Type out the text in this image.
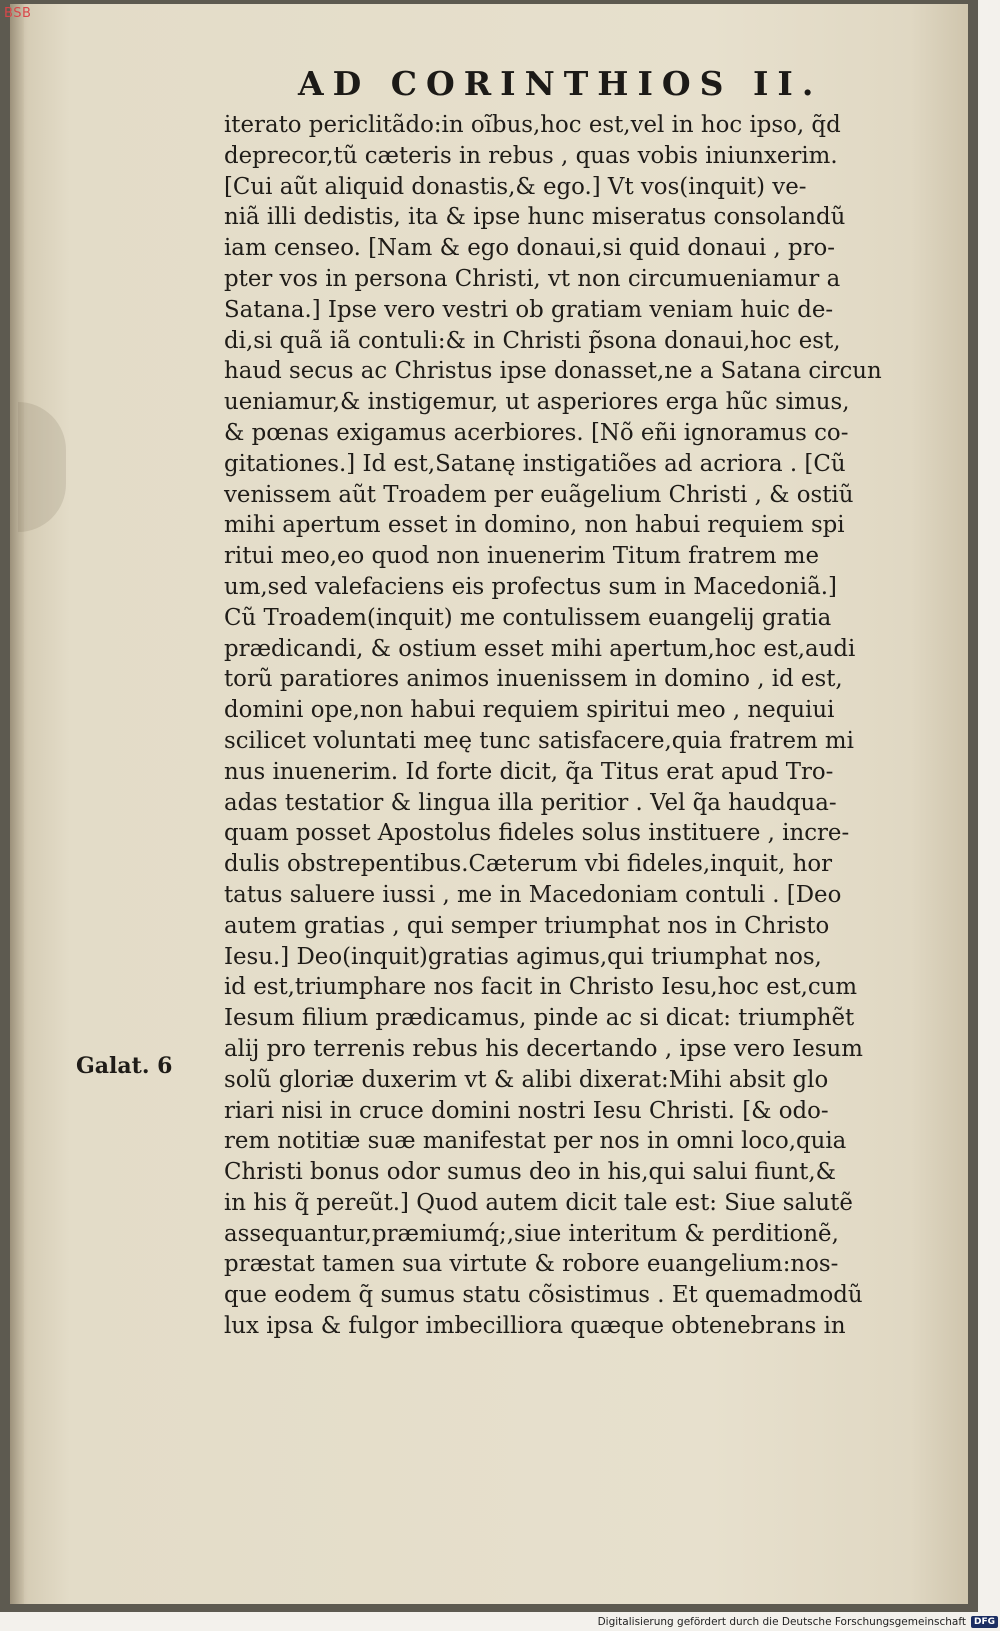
BSB
AD CORINTHIOS II.
iterato periclitãdo:in oĩbus,hoc est,vel in hoc ipso, q̃d
deprecor,tũ cæteris in rebus , quas vobis iniunxerim.
[Cui aũt aliquid donastis,& ego.] Vt vos(inquit) ve-
niã illi dedistis, ita & ipse hunc miseratus consolandũ
iam censeo. [Nam & ego donaui,si quid donaui , pro-
pter vos in persona Christi, vt non circumueniamur a
Satana.] Ipse vero vestri ob gratiam veniam huic de-
di,si quã iã contuli:& in Christi p̃sona donaui,hoc est,
haud secus ac Christus ipse donasset,ne a Satana circun
ueniamur,& instigemur, ut asperiores erga hũc simus,
& pœnas exigamus acerbiores. [Nõ eñi ignoramus co-
gitationes.] Id est,Satanę instigatiões ad acriora . [Cũ
venissem aũt Troadem per euãgelium Christi , & ostiũ
mihi apertum esset in domino, non habui requiem spi
ritui meo,eo quod non inuenerim Titum fratrem me
um,sed valefaciens eis profectus sum in Macedoniã.]
Cũ Troadem(inquit) me contulissem euangelij gratia
prædicandi, & ostium esset mihi apertum,hoc est,audi
torũ paratiores animos inuenissem in domino , id est,
domini ope,non habui requiem spiritui meo , nequiui
scilicet voluntati meę tunc satisfacere,quia fratrem mi
nus inuenerim. Id forte dicit, q̃a Titus erat apud Tro-
adas testatior & lingua illa peritior . Vel q̃a haudqua-
quam posset Apostolus fideles solus instituere , incre-
dulis obstrepentibus.Cæterum vbi fideles,inquit, hor
tatus saluere iussi , me in Macedoniam contuli . [Deo
autem gratias , qui semper triumphat nos in Christo
Iesu.] Deo(inquit)gratias agimus,qui triumphat nos,
id est,triumphare nos facit in Christo Iesu,hoc est,cum
Iesum filium prædicamus, pinde ac si dicat: triumphẽt
alij pro terrenis rebus his decertando , ipse vero Iesum
solũ gloriæ duxerim vt & alibi dixerat:Mihi absit glo
riari nisi in cruce domini nostri Iesu Christi. [& odo-
rem notitiæ suæ manifestat per nos in omni loco,quia
Christi bonus odor sumus deo in his,qui salui fiunt,&
in his q̃ pereũt.] Quod autem dicit tale est: Siue salutẽ
assequantur,præmiumq́;,siue interitum & perditionẽ,
præstat tamen sua virtute & robore euangelium:nos-
que eodem q̃ sumus statu cõsistimus . Et quemadmodũ
lux ipsa & fulgor imbecilliora quæque obtenebrans in
Galat. 6
Digitalisierung gefördert durch die Deutsche Forschungsgemeinschaft DFG
